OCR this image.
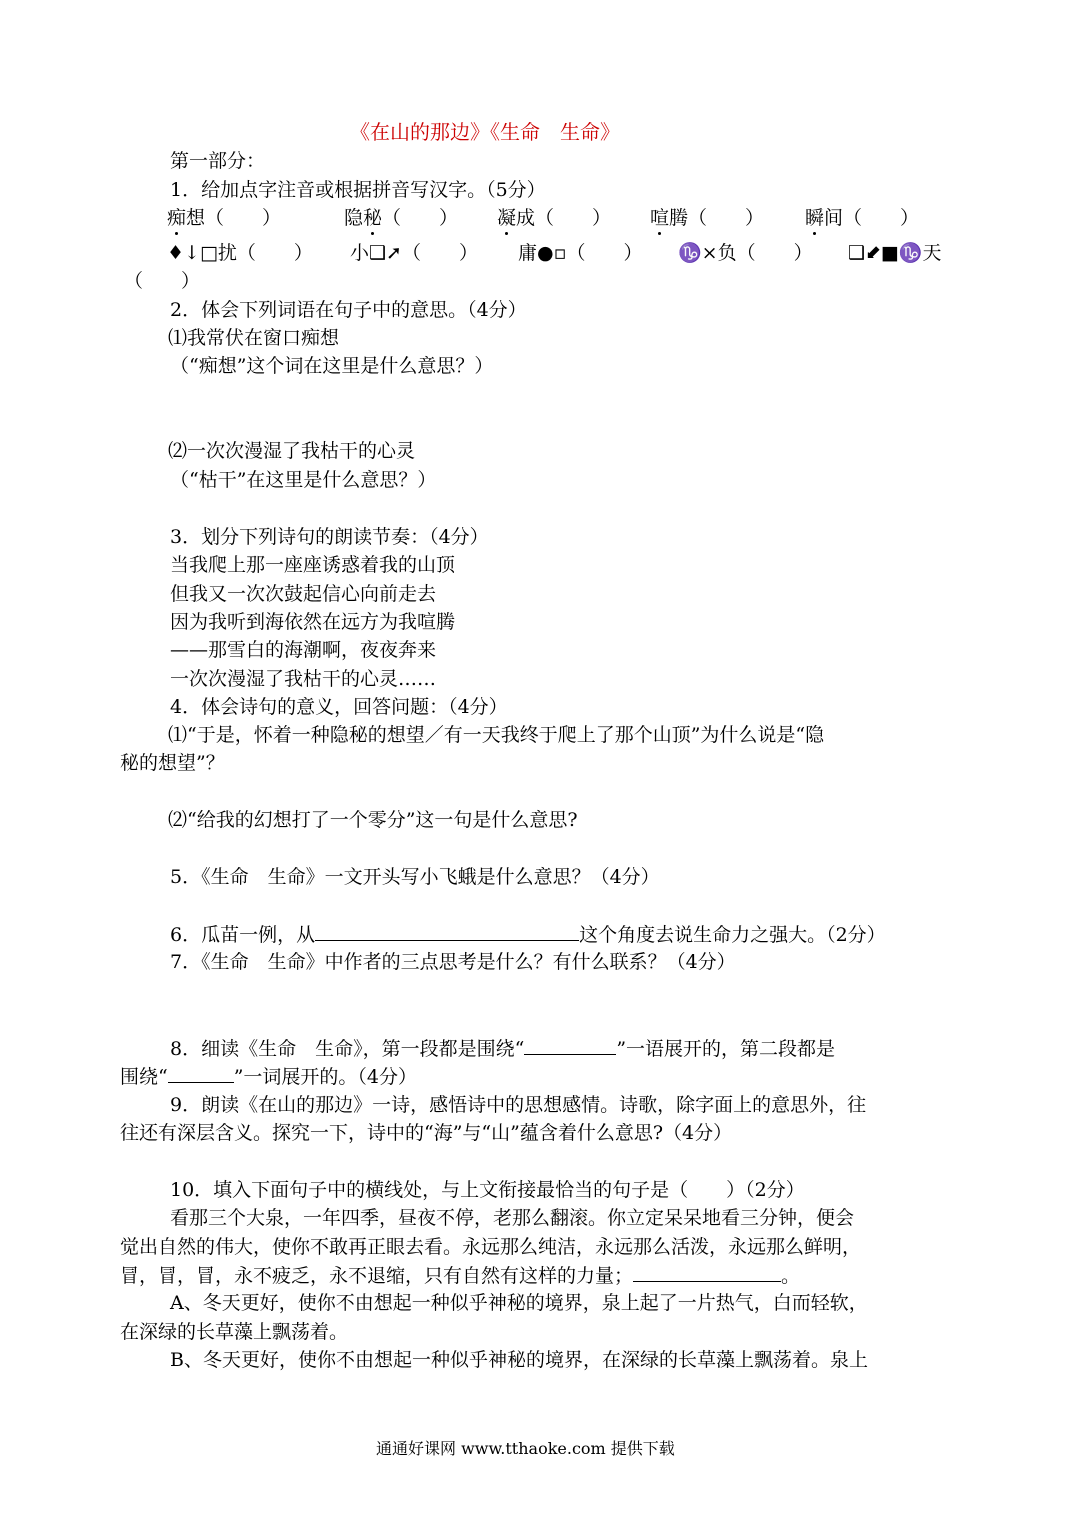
《在山的那边》《生命　生命》
第一部分：
1．给加点字注音或根据拼音写汉字。（5分）
痴想（　　）	隐秘（　　） 凝成（　　） 喧腾（　　） 瞬间（　　）
♦↓□扰（　　） 小❑➚（　　） 庸●▫（　　） ♑×负（　　） ❑⬋■♑天
（　　）
2．体会下列词语在句子中的意思。（4分）
⑴我常伏在窗口痴想
（“痴想”这个词在这里是什么意思？）
⑵一次次漫湿了我枯干的心灵
（“枯干”在这里是什么意思？）
3．划分下列诗句的朗读节奏：（4分）
当我爬上那一座座诱惑着我的山顶
但我又一次次鼓起信心向前走去
因为我听到海依然在远方为我喧腾
——那雪白的海潮啊，夜夜奔来
一次次漫湿了我枯干的心灵……
4．体会诗句的意义，回答问题：（4分）
⑴“于是，怀着一种隐秘的想望／有一天我终于爬上了那个山顶”为什么说是“隐
秘的想望”？
⑵“给我的幻想打了一个零分”这一句是什么意思?
5．《生命　生命》一文开头写小飞蛾是什么意思？（4分）
6．瓜苗一例，从	这个角度去说生命力之强大。（2分）
7．《生命　生命》中作者的三点思考是什么？有什么联系？（4分）
8．细读《生命　生命》，第一段都是围绕“	”一语展开的，第二段都是
围绕“	”一词展开的。（4分）
9．朗读《在山的那边》一诗，感悟诗中的思想感情。诗歌，除字面上的意思外，往
往还有深层含义。探究一下，诗中的“海”与“山”蕴含着什么意思?（4分）
10．填入下面句子中的横线处，与上文衔接最恰当的句子是（　　）（2分）
看那三个大泉，一年四季，昼夜不停，老那么翻滚。你立定呆呆地看三分钟，便会
觉出自然的伟大，使你不敢再正眼去看。永远那么纯洁，永远那么活泼，永远那么鲜明，
冒，冒，冒，永不疲乏，永不退缩，只有自然有这样的力量；	。
A、冬天更好，使你不由想起一种似乎神秘的境界，泉上起了一片热气，白而轻软，
在深绿的长草藻上飘荡着。
B、冬天更好，使你不由想起一种似乎神秘的境界，在深绿的长草藻上飘荡着。泉上
通通好课网 www.tthaoke.com 提供下载
